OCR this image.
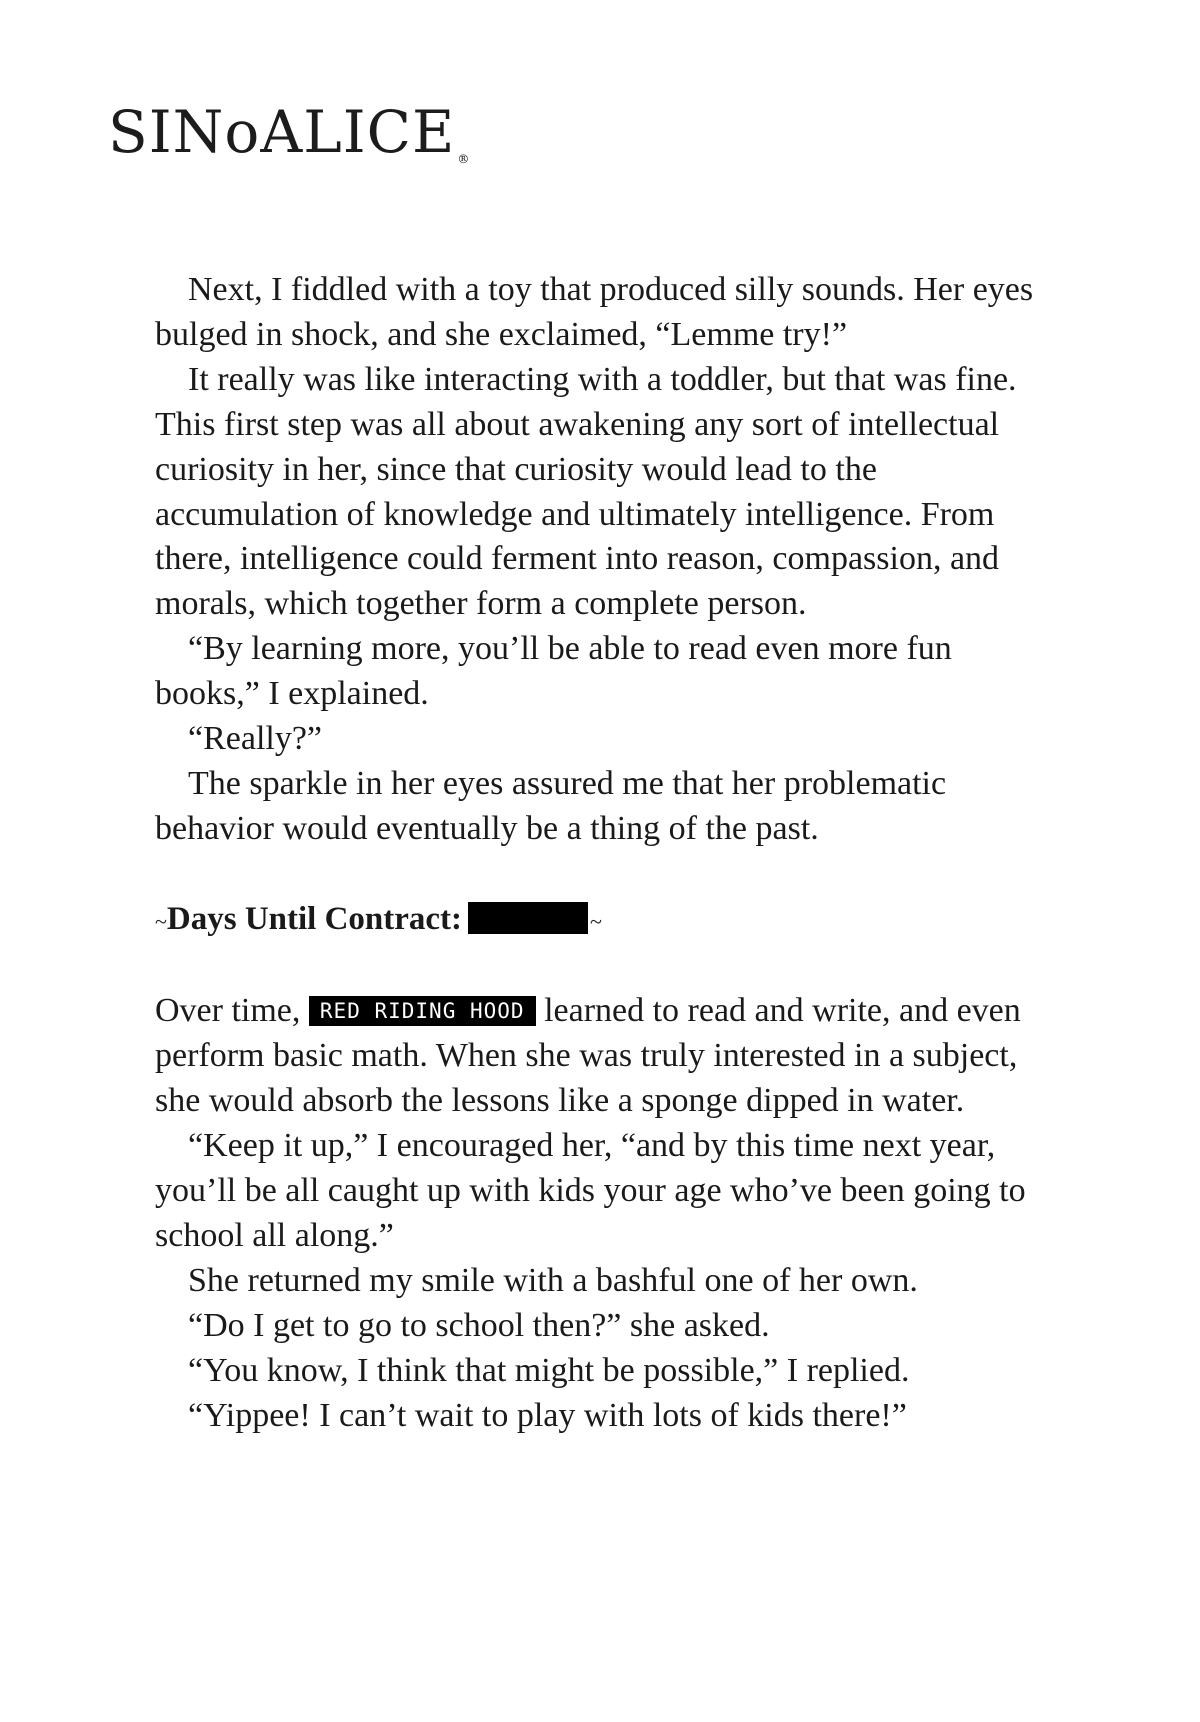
SINoALICE ®

Next, I fiddled with a toy that produced silly sounds. Her eyes bulged in shock, and she exclaimed, “Lemme try!”

It really was like interacting with a toddler, but that was fine. This first step was all about awakening any sort of intellectual curiosity in her, since that curiosity would lead to the accumulation of knowledge and ultimately intelligence. From there, intelligence could ferment into reason, compassion, and morals, which together form a complete person.

“By learning more, you’ll be able to read even more fun books,” I explained.

“Really?”

The sparkle in her eyes assured me that her problematic behavior would eventually be a thing of the past.

~Days Until Contract:	~

Over time, RED RIDING HOOD learned to read and write, and even perform basic math. When she was truly interested in a subject, she would absorb the lessons like a sponge dipped in water.

“Keep it up,” I encouraged her, “and by this time next year, you’ll be all caught up with kids your age who’ve been going to school all along.”

She returned my smile with a bashful one of her own.

“Do I get to go to school then?” she asked.

“You know, I think that might be possible,” I replied.

“Yippee! I can’t wait to play with lots of kids there!”
